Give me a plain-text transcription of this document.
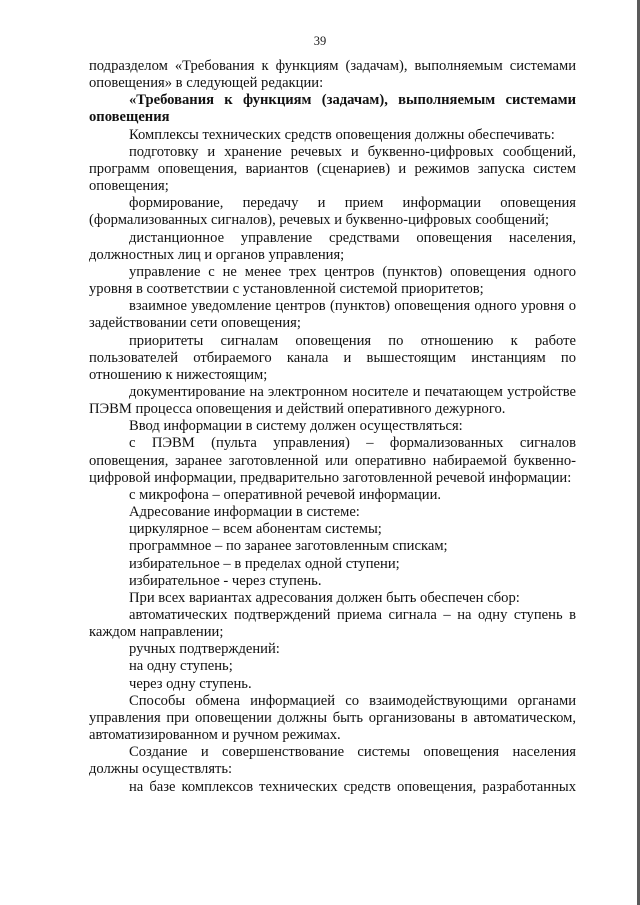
39

подразделом «Требования к функциям (задачам), выполняемым системами оповещения» в следующей редакции:

«Требования к функциям (задачам), выполняемым системами оповещения

Комплексы технических средств оповещения должны обеспечивать:

подготовку и хранение речевых и буквенно-цифровых сообщений, программ оповещения, вариантов (сценариев) и режимов запуска систем оповещения;

формирование, передачу и прием информации оповещения (формализованных сигналов), речевых и буквенно-цифровых сообщений;

дистанционное управление средствами оповещения населения, должностных лиц и органов управления;

управление с не менее трех центров (пунктов) оповещения одного уровня в соответствии с установленной системой приоритетов;

взаимное уведомление центров (пунктов) оповещения одного уровня о задействовании сети оповещения;

приоритеты сигналам оповещения по отношению к работе пользователей отбираемого канала и вышестоящим инстанциям по отношению к нижестоящим;

документирование на электронном носителе и печатающем устройстве ПЭВМ процесса оповещения и действий оперативного дежурного.

Ввод информации в систему должен осуществляться:

с ПЭВМ (пульта управления) – формализованных сигналов оповещения, заранее заготовленной или оперативно набираемой буквенно-цифровой информации, предварительно заготовленной речевой информации:

с микрофона – оперативной речевой информации.

Адресование информации в системе:

циркулярное – всем абонентам системы;

программное – по заранее заготовленным спискам;

избирательное – в пределах одной ступени;

избирательное - через ступень.

При всех вариантах адресования должен быть обеспечен сбор:

автоматических подтверждений приема сигнала – на одну ступень в каждом направлении;

ручных подтверждений:

на одну ступень;

через одну ступень.

Способы обмена информацией со взаимодействующими органами управления при оповещении должны быть организованы в автоматическом, автоматизированном и ручном режимах.

Создание и совершенствование системы оповещения населения должны осуществлять:

на базе комплексов технических средств оповещения, разработанных
